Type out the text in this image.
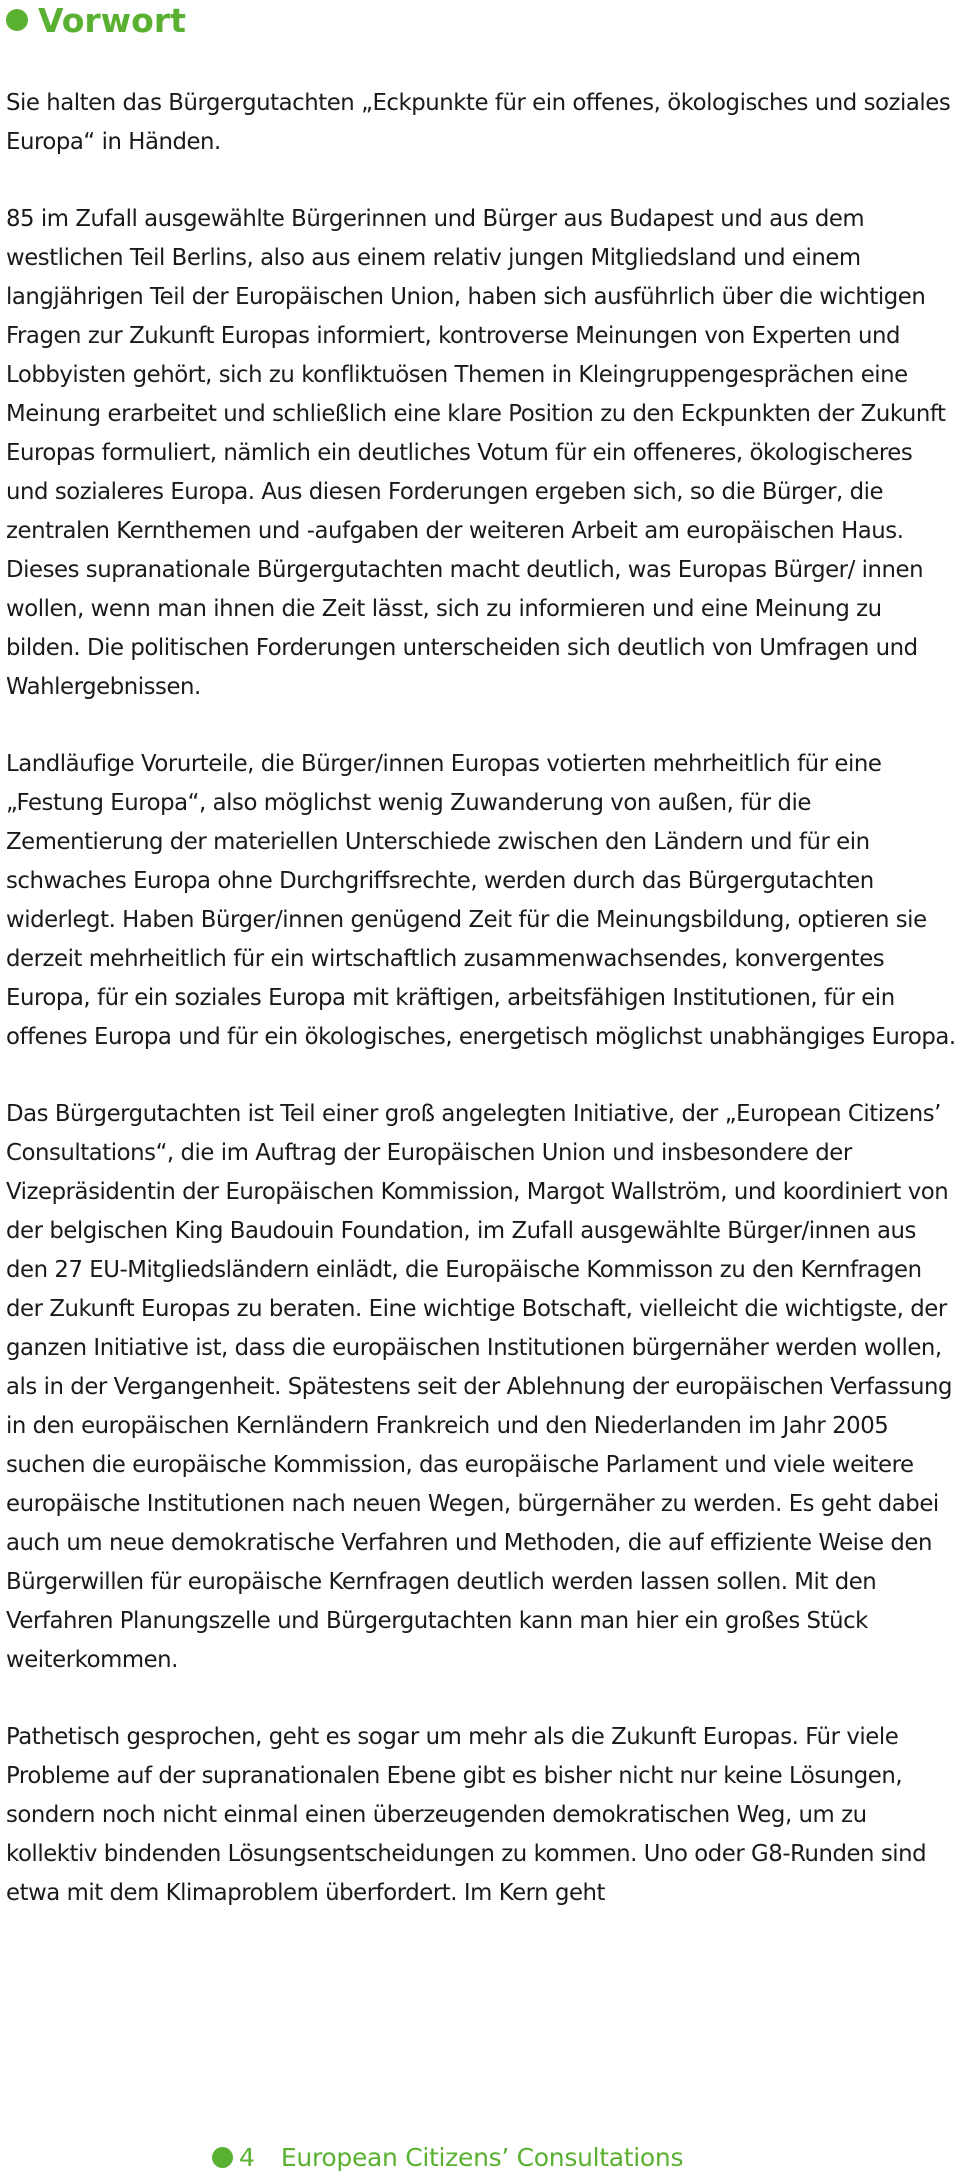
Vorwort

Sie halten das Bürgergutachten „Eckpunkte für ein offenes, ökologisches und soziales Europa“ in Händen.

85 im Zufall ausgewählte Bürgerinnen und Bürger aus Budapest und aus dem westlichen Teil Berlins, also aus einem relativ jungen Mitgliedsland und einem langjährigen Teil der Europäischen Union, haben sich ausführlich über die wichtigen Fragen zur Zukunft Europas informiert, kontroverse Meinungen von Experten und Lobbyisten gehört, sich zu konfliktuösen Themen in Kleingruppengesprächen eine Meinung erarbeitet und schließlich eine klare Position zu den Eckpunkten der Zukunft Europas formuliert, nämlich ein deutliches Votum für ein offeneres, ökologischeres und sozialeres Europa. Aus diesen Forderungen ergeben sich, so die Bürger, die zentralen Kernthemen und -aufgaben der weiteren Arbeit am europäischen Haus. Dieses supranationale Bürgergutachten macht deutlich, was Europas Bürger/ innen wollen, wenn man ihnen die Zeit lässt, sich zu informieren und eine Meinung zu bilden. Die politischen Forderungen unterscheiden sich deutlich von Umfragen und Wahlergebnissen.

Landläufige Vorurteile, die Bürger/innen Europas votierten mehrheitlich für eine „Festung Europa“, also möglichst wenig Zuwanderung von außen, für die Zementierung der materiellen Unterschiede zwischen den Ländern und für ein schwaches Europa ohne Durchgriffsrechte, werden durch das Bürgergutachten widerlegt. Haben Bürger/innen genügend Zeit für die Meinungsbildung, optieren sie derzeit mehrheitlich für ein wirtschaftlich zusammenwachsendes, konvergentes Europa, für ein soziales Europa mit kräftigen, arbeitsfähigen Institutionen, für ein offenes Europa und für ein ökologisches, energetisch möglichst unabhängiges Europa.

Das Bürgergutachten ist Teil einer groß angelegten Initiative, der „European Citizens’ Consultations“, die im Auftrag der Europäischen Union und insbesondere der Vizepräsidentin der Europäischen Kommission, Margot Wallström, und koordiniert von der belgischen King Baudouin Foundation, im Zufall ausgewählte Bürger/innen aus den 27 EU-Mitgliedsländern einlädt, die Europäische Kommisson zu den Kernfragen der Zukunft Europas zu beraten. Eine wichtige Botschaft, vielleicht die wichtigste, der ganzen Initiative ist, dass die europäischen Institutionen bürgernäher werden wollen, als in der Vergangenheit. Spätestens seit der Ablehnung der europäischen Verfassung in den europäischen Kernländern Frankreich und den Niederlanden im Jahr 2005 suchen die europäische Kommission, das europäische Parlament und viele weitere europäische Institutionen nach neuen Wegen, bürgernäher zu werden. Es geht dabei auch um neue demokratische Verfahren und Methoden, die auf effiziente Weise den Bürgerwillen für europäische Kernfragen deutlich werden lassen sollen. Mit den Verfahren Planungszelle und Bürgergutachten kann man hier ein großes Stück weiterkommen.

Pathetisch gesprochen, geht es sogar um mehr als die Zukunft Europas. Für viele Probleme auf der supranationalen Ebene gibt es bisher nicht nur keine Lösungen, sondern noch nicht einmal einen überzeugenden demokratischen Weg, um zu kollektiv bindenden Lösungsentscheidungen zu kommen. Uno oder G8-Runden sind etwa mit dem Klimaproblem überfordert. Im Kern geht

4 European Citizens’ Consultations
